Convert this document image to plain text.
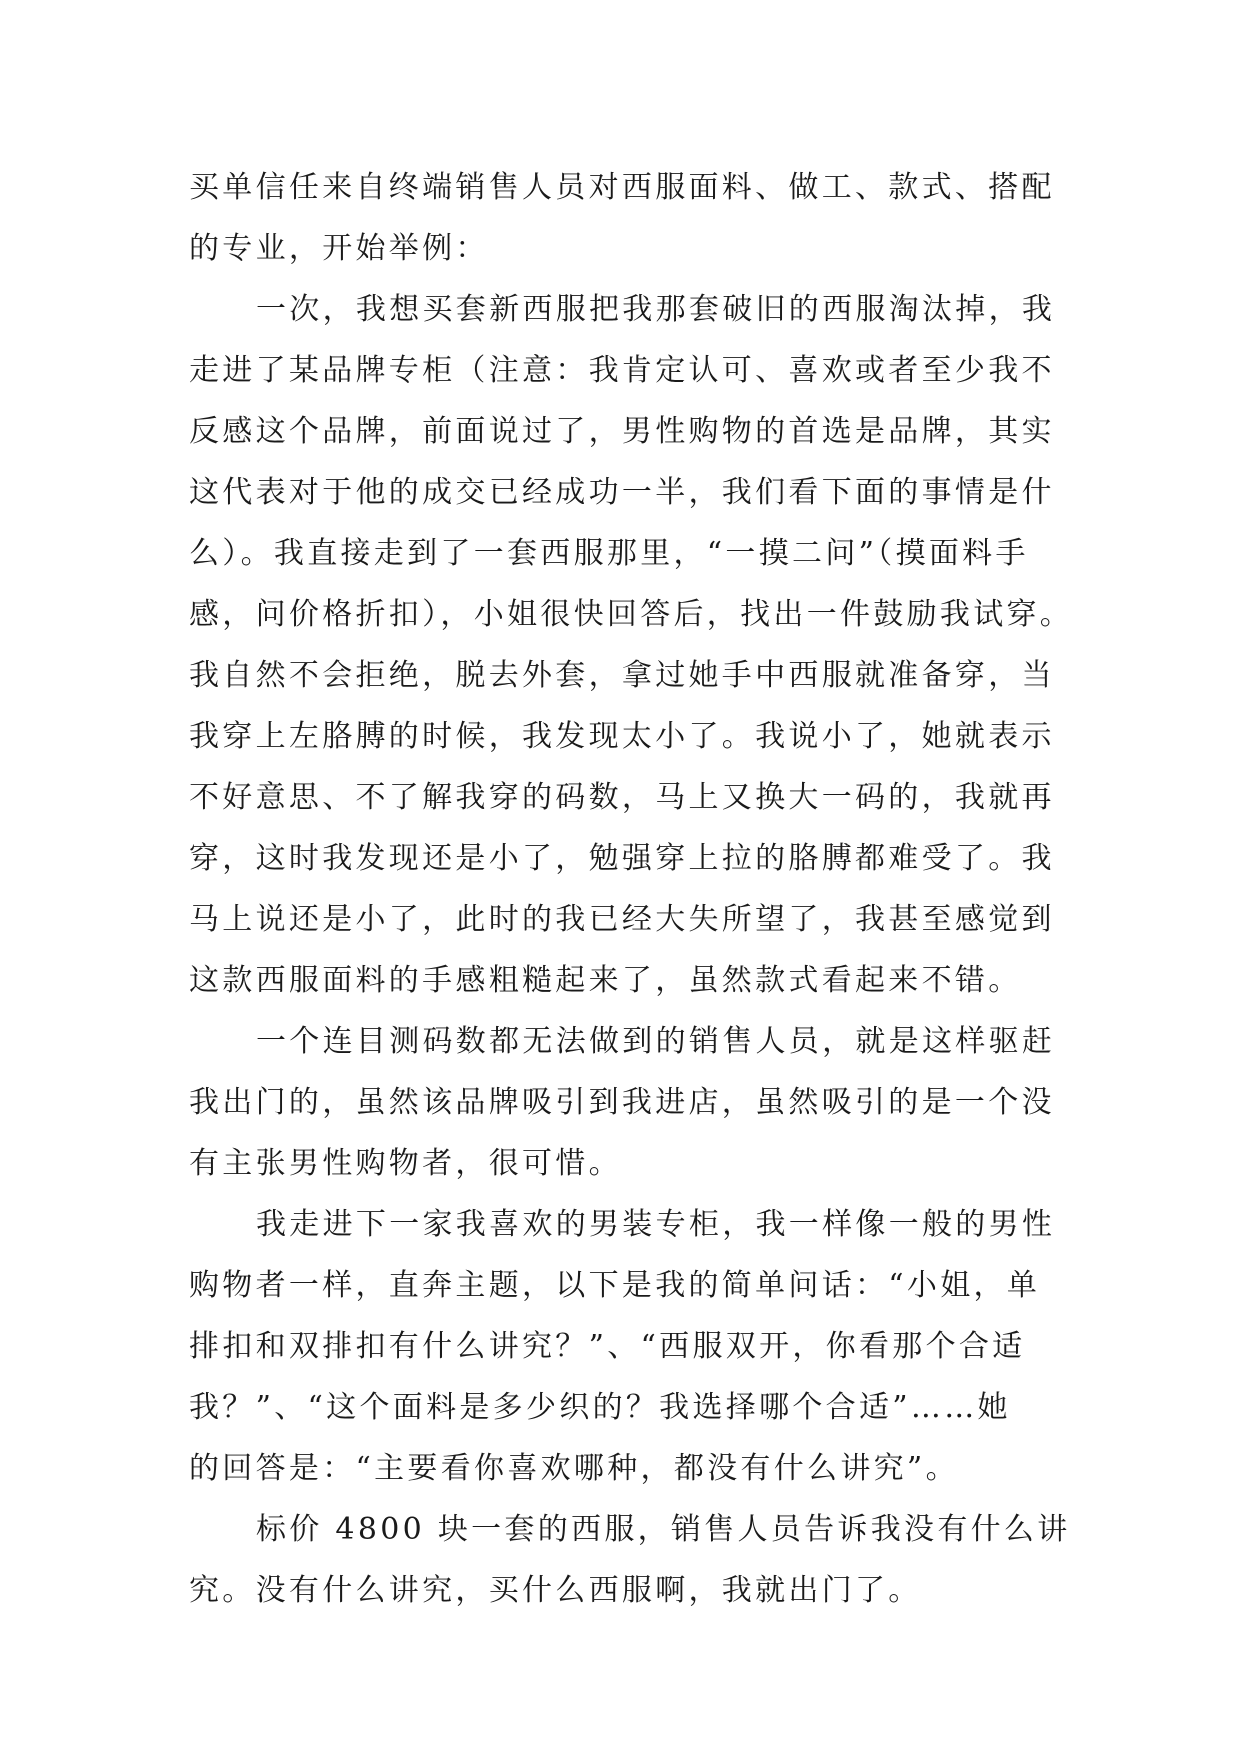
买单信任来自终端销售人员对西服面料、做工、款式、搭配
的专业，开始举例：
一次，我想买套新西服把我那套破旧的西服淘汰掉，我
走进了某品牌专柜（注意：我肯定认可、喜欢或者至少我不
反感这个品牌，前面说过了，男性购物的首选是品牌，其实
这代表对于他的成交已经成功一半，我们看下面的事情是什
么）。我直接走到了一套西服那里，“一摸二问”（摸面料手
感，问价格折扣），小姐很快回答后，找出一件鼓励我试穿。
我自然不会拒绝，脱去外套，拿过她手中西服就准备穿，当
我穿上左胳膊的时候，我发现太小了。我说小了，她就表示
不好意思、不了解我穿的码数，马上又换大一码的，我就再
穿，这时我发现还是小了，勉强穿上拉的胳膊都难受了。我
马上说还是小了，此时的我已经大失所望了，我甚至感觉到
这款西服面料的手感粗糙起来了，虽然款式看起来不错。
一个连目测码数都无法做到的销售人员，就是这样驱赶
我出门的，虽然该品牌吸引到我进店，虽然吸引的是一个没
有主张男性购物者，很可惜。
我走进下一家我喜欢的男装专柜，我一样像一般的男性
购物者一样，直奔主题，以下是我的简单问话：“小姐，单
排扣和双排扣有什么讲究？”、“西服双开，你看那个合适
我？”、“这个面料是多少织的？我选择哪个合适”……她
的回答是：“主要看你喜欢哪种，都没有什么讲究”。
标价 4800 块一套的西服，销售人员告诉我没有什么讲
究。没有什么讲究，买什么西服啊，我就出门了。
